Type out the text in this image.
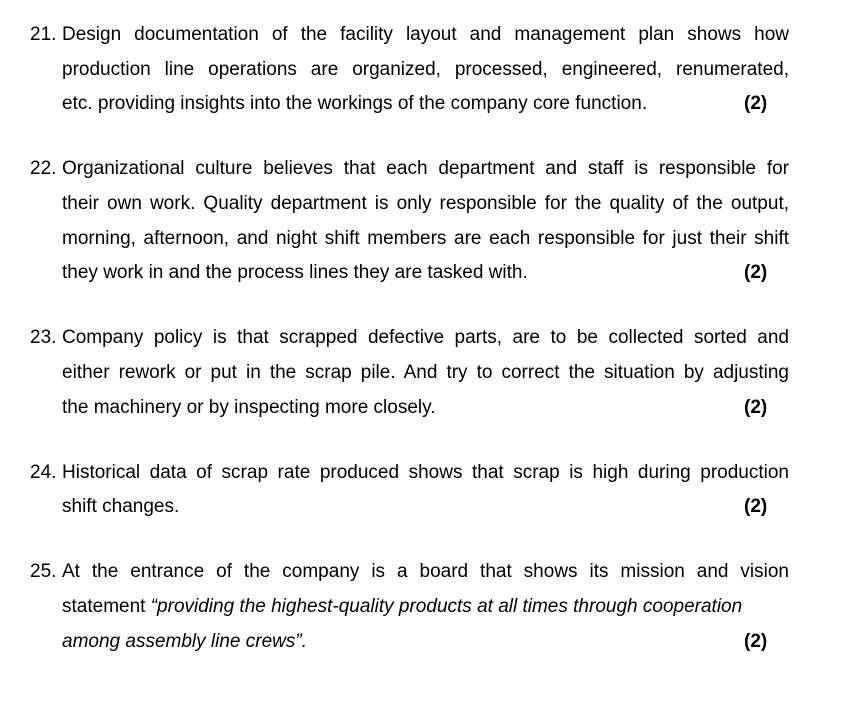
21. Design documentation of the facility layout and management plan shows how
production line operations are organized, processed, engineered, renumerated,
etc. providing insights into the workings of the company core function.	(2)
22. Organizational culture believes that each department and staff is responsible for
their own work. Quality department is only responsible for the quality of the output,
morning, afternoon, and night shift members are each responsible for just their shift
they work in and the process lines they are tasked with.	(2)
23. Company policy is that scrapped defective parts, are to be collected sorted and
either rework or put in the scrap pile. And try to correct the situation by adjusting
the machinery or by inspecting more closely.	(2)
24. Historical data of scrap rate produced shows that scrap is high during production
shift changes.	(2)
25. At the entrance of the company is a board that shows its mission and vision
statement “providing the highest-quality products at all times through cooperation
among assembly line crews”.	(2)
